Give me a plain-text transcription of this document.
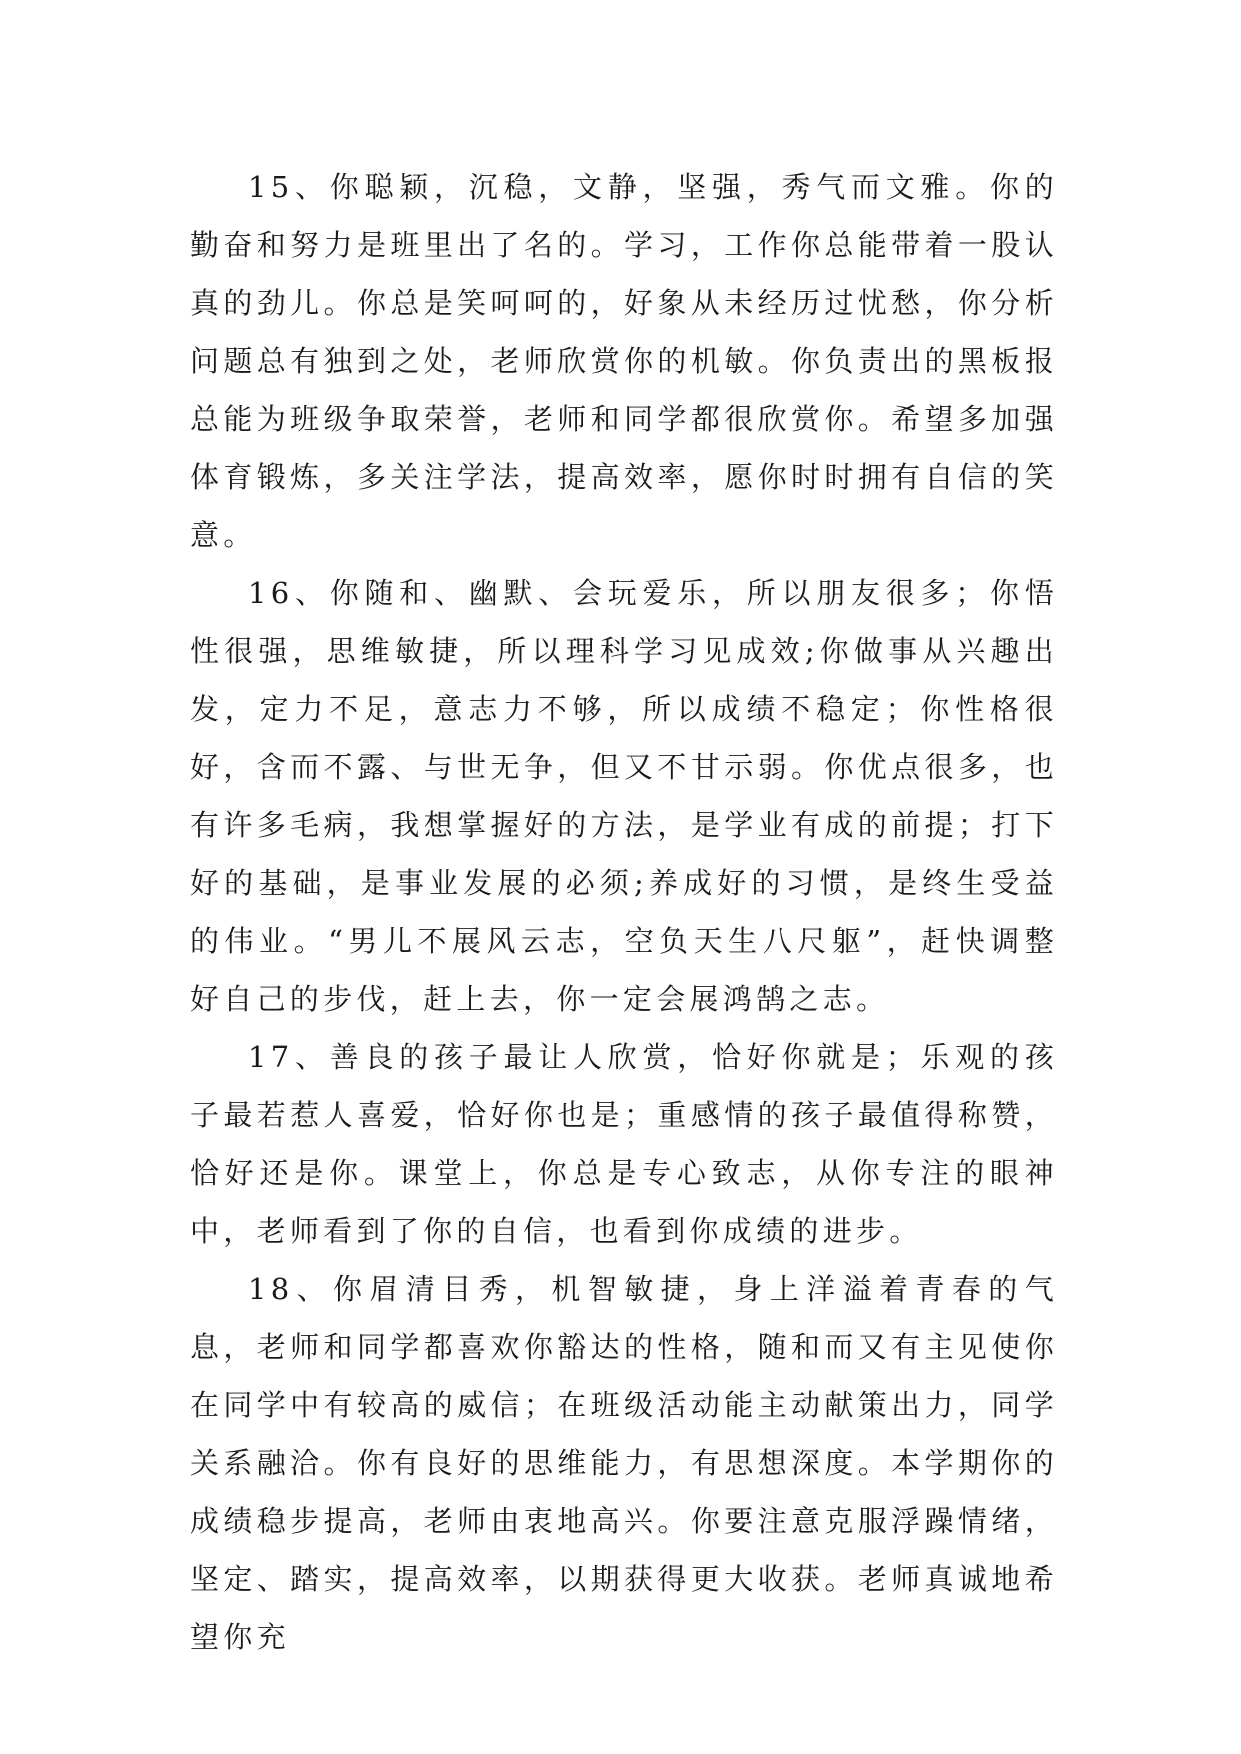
15、你聪颖，沉稳，文静，坚强，秀气而文雅。你的勤奋和努力是班里出了名的。学习，工作你总能带着一股认真的劲儿。你总是笑呵呵的，好象从未经历过忧愁，你分析问题总有独到之处，老师欣赏你的机敏。你负责出的黑板报总能为班级争取荣誉，老师和同学都很欣赏你。希望多加强体育锻炼，多关注学法，提高效率，愿你时时拥有自信的笑意。

16、你随和、幽默、会玩爱乐，所以朋友很多；你悟性很强，思维敏捷，所以理科学习见成效;你做事从兴趣出发，定力不足，意志力不够，所以成绩不稳定；你性格很好，含而不露、与世无争，但又不甘示弱。你优点很多，也有许多毛病，我想掌握好的方法，是学业有成的前提；打下好的基础，是事业发展的必须;养成好的习惯，是终生受益的伟业。“男儿不展风云志，空负天生八尺躯”，赶快调整好自己的步伐，赶上去，你一定会展鸿鹄之志。

17、善良的孩子最让人欣赏，恰好你就是；乐观的孩子最若惹人喜爱，恰好你也是；重感情的孩子最值得称赞，恰好还是你。课堂上，你总是专心致志，从你专注的眼神中，老师看到了你的自信，也看到你成绩的进步。

18、你眉清目秀，机智敏捷，身上洋溢着青春的气息，老师和同学都喜欢你豁达的性格，随和而又有主见使你在同学中有较高的威信；在班级活动能主动献策出力，同学关系融洽。你有良好的思维能力，有思想深度。本学期你的成绩稳步提高，老师由衷地高兴。你要注意克服浮躁情绪，坚定、踏实，提高效率，以期获得更大收获。老师真诚地希望你充
